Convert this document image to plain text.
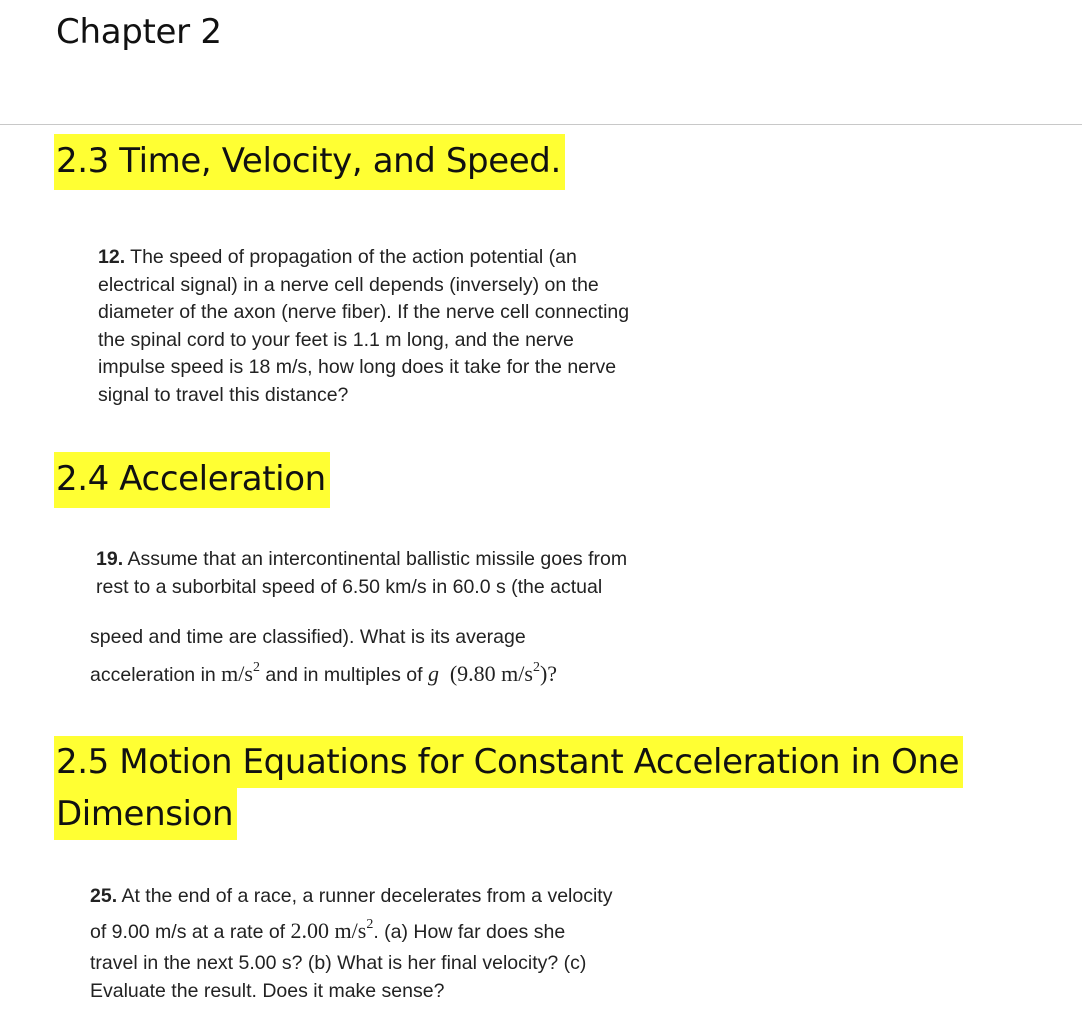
Chapter 2
2.3 Time, Velocity, and Speed.
12. The speed of propagation of the action potential (an
electrical signal) in a nerve cell depends (inversely) on the
diameter of the axon (nerve fiber). If the nerve cell connecting
the spinal cord to your feet is 1.1 m long, and the nerve
impulse speed is 18 m/s, how long does it take for the nerve
signal to travel this distance?
2.4 Acceleration
19. Assume that an intercontinental ballistic missile goes from
rest to a suborbital speed of 6.50 km/s in 60.0 s (the actual
speed and time are classified). What is its average
acceleration in $m/s^2$ and in multiples of g (9.80 $m/s^2$)?
2.5 Motion Equations for Constant Acceleration in One
Dimension
25. At the end of a race, a runner decelerates from a velocity
of 9.00 m/s at a rate of 2.00 $m/s^2$. (a) How far does she
travel in the next 5.00 s? (b) What is her final velocity? (c)
Evaluate the result. Does it make sense?
